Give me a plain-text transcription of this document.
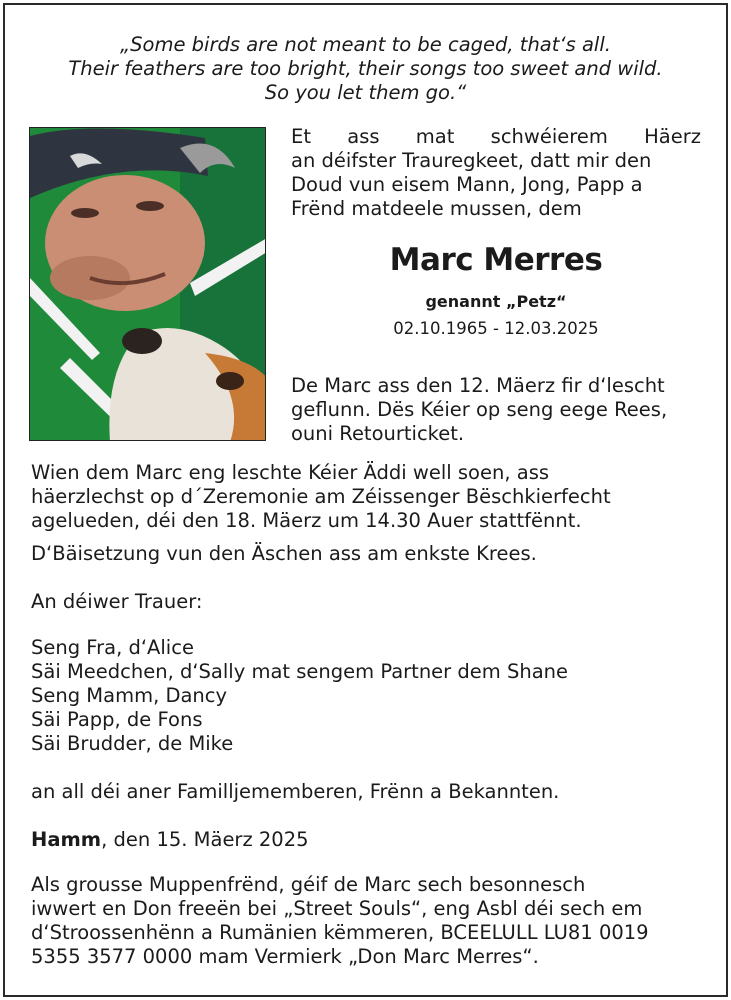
„Some birds are not meant to be caged, that‘s all.
Their feathers are too bright, their songs too sweet and wild.
So you let them go.“
Et ass mat schwéierem Häerz
an déifster Trauregkeet, datt mir den
Doud vun eisem Mann, Jong, Papp a
Frënd matdeele mussen, dem
Marc Merres
genannt „Petz“
02.10.1965 - 12.03.2025
De Marc ass den 12. Mäerz fir d‘lescht
geflunn. Dës Kéier op seng eege Rees,
ouni Retourticket.
Wien dem Marc eng leschte Kéier Äddi well soen, ass
häerzlechst op d´Zeremonie am Zéissenger Bëschkierfecht
agelueden, déi den 18. Mäerz um 14.30 Auer stattfënnt.
D‘Bäisetzung vun den Äschen ass am enkste Krees.
An déiwer Trauer:
Seng Fra, d‘Alice
Säi Meedchen, d‘Sally mat sengem Partner dem Shane
Seng Mamm, Dancy
Säi Papp, de Fons
Säi Brudder, de Mike
an all déi aner Familljememberen, Frënn a Bekannten.
Hamm, den 15. Mäerz 2025
Als grousse Muppenfrënd, géif de Marc sech besonnesch
iwwert en Don freeën bei „Street Souls“, eng Asbl déi sech em
d‘Stroossenhënn a Rumänien këmmeren, BCEELULL LU81 0019
5355 3577 0000 mam Vermierk „Don Marc Merres“.
